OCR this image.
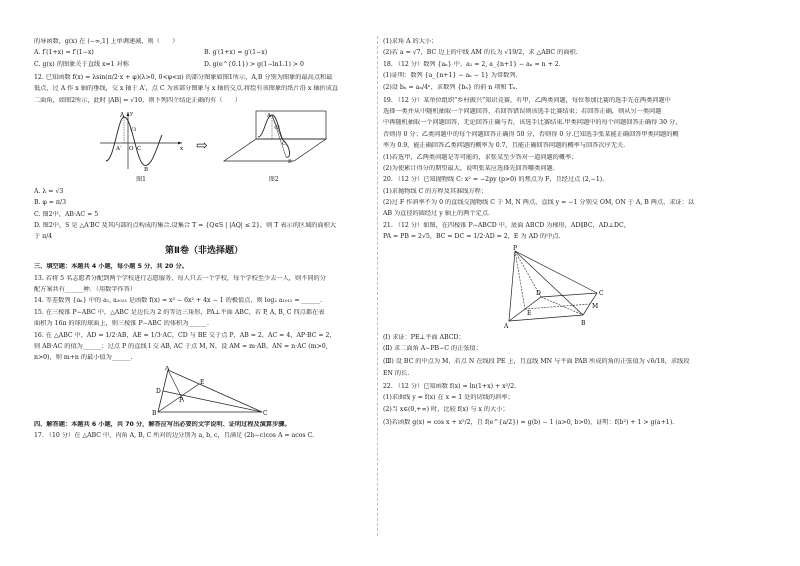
的导函数，g(x) 在 (−∞,1] 上单调递减，则（　　）
A. f′(1+x) = f′(1−x)	B. g′(1+x) = g′(1−x)
C. g(x) 的图象关于直线 x=1 对称	D. g(e^{0.1}) > g(1−ln1.1) > 0
12. 已知函数 f(x) = λsin(π/2·x + φ)(λ>0, 0<φ<π) 的部分图象如图1所示，A,B 分别为图象的最高点和最
低点，过 A 作 x 轴的垂线，交 x 轴于 A′，点 C 为该部分图象与 x 轴的交点.将绘有该图象的纸片沿 x 轴折成直
二面角，如图2所示，此时 |AB| = √10，则下列四个结论正确的有（　　）
A
A′ O C
B
x
y
√3
图1
⇨
A
C
B
√3
图2
A. λ = √3
B. φ = π/3
C. 图2中，AB·AC = 5
D. 图2中，S 是 △A′BC 及其内部的点构成的集合.设集合 T = {Q∈S | |AQ| ≤ 2}，则 T 表示的区域的面积大
于 π/4
第Ⅱ卷（非选择题）
三、填空题：本题共 4 小题，每小题 5 分，共 20 分。
13. 若将 5 名志愿者分配到两个学校进行志愿服务，每人只去一个学校，每个学校至少去一人，则不同的分
配方案共有______种．（用数字作答）
14. 等差数列 {aₙ} 中的 a₁, a₂₀₂₃ 是函数 f(x) = x³ − 6x² + 4x − 1 的极值点，则 log₂ a₁₀₁₂ = ______.
15. 在三棱锥 P−ABC 中，△ABC 是边长为 2 的等边三角形，PA⊥平面 ABC，若 P, A, B, C 四点都在表
面积为 16π 的球的球面上，则三棱锥 P−ABC 的体积为______.
16. 在 △ABC 中，AD = 1/2·AB，AE = 1/3·AC，CD 与 BE 交于点 P，AB = 2，AC = 4，AP·BC = 2，
则 AB·AC 的值为______；过点 P 的直线 l 交 AB, AC 于点 M, N，设 AM = m·AB，AN = n·AC (m>0,
n>0)，则 m+n 的最小值为______.
A
B	C
D
E
P
四、解答题：本题共 6 小题，共 70 分，解答应写出必要的文字说明、证明过程及演算步骤。
17. （10 分）在 △ABC 中，内角 A, B, C 所对的边分别为 a, b, c，且满足 (2b−c)cos A = acos C.
(1)求角 A 的大小；
(2)若 a = √7，BC 边上的中线 AM 的长为 √19/2，求 △ABC 的面积.
18. （12 分）数列 {aₙ} 中，a₁ = 2, a_{n+1} − aₙ = n + 2.
(1)证明：数列 {a_{n+1} − aₙ − 1} 为常数列.
(2)设 bₙ = aₙ/4ⁿ，求数列 {bₙ} 的前 n 项和 Tₙ.
19. （12 分）某单位组织“乡村振兴”知识竞赛，有甲，乙两类问题，每位参加比赛的选手先在两类问题中
选择一类并从中随机抽取一个问题回答，若回答错误则该选手比赛结束；若回答正确，则从另一类问题
中再随机抽取一个问题回答，无论回答正确与否，该选手比赛结束.甲类问题中的每个问题回答正确得 30 分，
否则得 0 分；乙类问题中的每个问题回答正确得 50 分，否则得 0 分.已知选手张某能正确回答甲类问题的概
率为 0.9，能正确回答乙类问题的概率为 0.7，且能正确回答问题的概率与回答次序无关.
(1)若选甲，乙两类问题是等可能的，求张某至少答对一道问题的概率；
(2)为使累计得分的期望最大，说明张某应选择先回答哪类问题.
20. （12 分）已知抛物线 C: x² = −2py (p>0) 的焦点为 F，且经过点 (2,−1).
(1)求抛物线 C 的方程及其准线方程；
(2)过 F 作斜率不为 0 的直线交抛物线 C 于 M, N 两点，直线 y = −1 分别交 OM, ON 于 A, B 两点，求证：以
AB 为直径的圆经过 y 轴上的两个定点.
21. （12 分）如图，在四棱锥 P−ABCD 中，底面 ABCD 为梯形，AD∥BC，AD⊥DC，
PA = PB = 2√5，BC = DC = 1/2·AD = 2，E 为 AD 的中点.
P
A	B
C
D
E
M
(Ⅰ) 求证：PE⊥平面 ABCD；
(Ⅱ) 求二面角 A−PB−C 的正弦值；
(Ⅲ) 设 BC 的中点为 M，若点 N 在线段 PE 上，且直线 MN 与平面 PAB 所成的角的正弦值为 √6/18，求线段
EN 的长.
22. （12 分）已知函数 f(x) = ln(1+x) + x²/2.
(1)求曲线 y = f(x) 在 x = 1 处的切线的斜率；
(2)当 x∈(0,+∞) 时，比较 f(x) 与 x 的大小；
(3)若函数 g(x) = cos x + x²/2，且 f(e^{a/2}) = g(b) − 1 (a>0, b>0)，证明：f(b²) + 1 > g(a+1).
